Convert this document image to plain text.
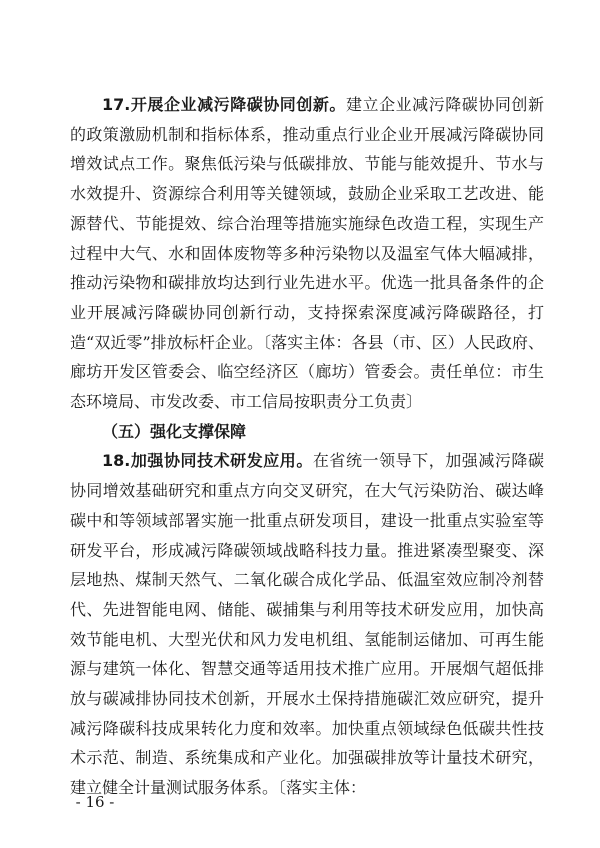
17.开展企业减污降碳协同创新。建立企业减污降碳协同创新的政策激励机制和指标体系，推动重点行业企业开展减污降碳协同增效试点工作。聚焦低污染与低碳排放、节能与能效提升、节水与水效提升、资源综合利用等关键领域，鼓励企业采取工艺改进、能源替代、节能提效、综合治理等措施实施绿色改造工程，实现生产过程中大气、水和固体废物等多种污染物以及温室气体大幅减排，推动污染物和碳排放均达到行业先进水平。优选一批具备条件的企业开展减污降碳协同创新行动，支持探索深度减污降碳路径，打造“双近零”排放标杆企业。〔落实主体：各县（市、区）人民政府、廊坊开发区管委会、临空经济区（廊坊）管委会。责任单位：市生态环境局、市发改委、市工信局按职责分工负责〕

（五）强化支撑保障

18.加强协同技术研发应用。在省统一领导下，加强减污降碳协同增效基础研究和重点方向交叉研究，在大气污染防治、碳达峰碳中和等领域部署实施一批重点研发项目，建设一批重点实验室等研发平台，形成减污降碳领域战略科技力量。推进紧凑型聚变、深层地热、煤制天然气、二氧化碳合成化学品、低温室效应制冷剂替代、先进智能电网、储能、碳捕集与利用等技术研发应用，加快高效节能电机、大型光伏和风力发电机组、氢能制运储加、可再生能源与建筑一体化、智慧交通等适用技术推广应用。开展烟气超低排放与碳减排协同技术创新，开展水土保持措施碳汇效应研究，提升减污降碳科技成果转化力度和效率。加快重点领域绿色低碳共性技术示范、制造、系统集成和产业化。加强碳排放等计量技术研究，建立健全计量测试服务体系。〔落实主体：

- 16 -
